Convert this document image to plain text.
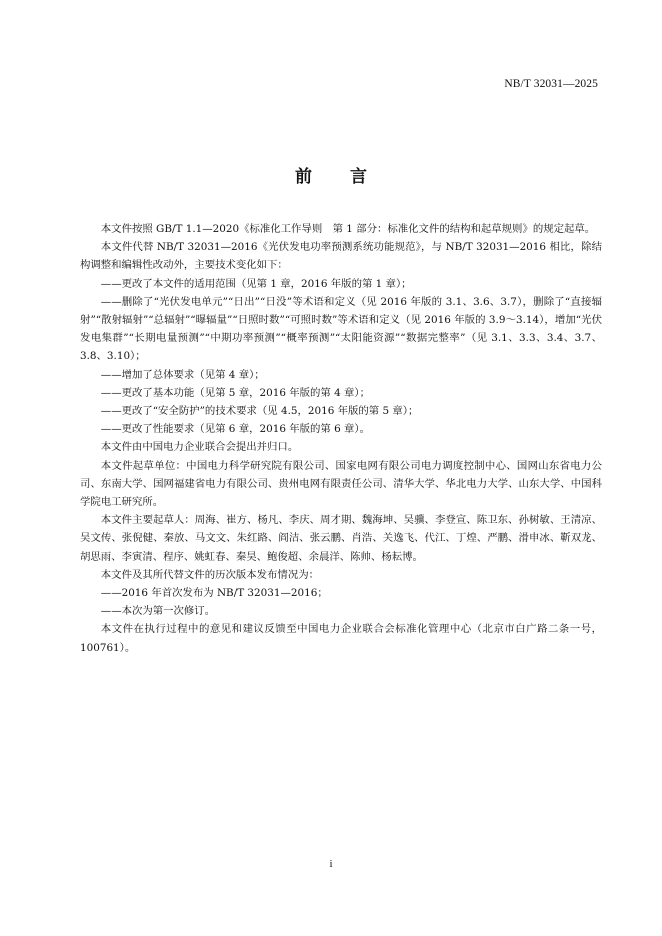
NB/T 32031—2025
前 言

本文件按照 GB/T 1.1—2020《标准化工作导则　第 1 部分：标准化文件的结构和起草规则》的规定起草。

本文件代替 NB/T 32031—2016《光伏发电功率预测系统功能规范》，与 NB/T 32031—2016 相比，除结构调整和编辑性改动外，主要技术变化如下：

——更改了本文件的适用范围（见第 1 章，2016 年版的第 1 章）；

——删除了“光伏发电单元”“日出”“日没”等术语和定义（见 2016 年版的 3.1、3.6、3.7），删除了“直接辐射”“散射辐射”“总辐射”“曝辐量”“日照时数”“可照时数”等术语和定义（见 2016 年版的 3.9～3.14），增加“光伏发电集群”“长期电量预测”“中期功率预测”“概率预测”“太阳能资源”“数据完整率”（见 3.1、3.3、3.4、3.7、3.8、3.10）；

——增加了总体要求（见第 4 章）；

——更改了基本功能（见第 5 章，2016 年版的第 4 章）；

——更改了“安全防护”的技术要求（见 4.5，2016 年版的第 5 章）；

——更改了性能要求（见第 6 章，2016 年版的第 6 章）。

本文件由中国电力企业联合会提出并归口。

本文件起草单位：中国电力科学研究院有限公司、国家电网有限公司电力调度控制中心、国网山东省电力公司、东南大学、国网福建省电力有限公司、贵州电网有限责任公司、清华大学、华北电力大学、山东大学、中国科学院电工研究所。

本文件主要起草人：周海、崔方、杨凡、李庆、周才期、魏海坤、吴骥、李登宣、陈卫东、孙树敏、王清凉、吴文传、张倪健、秦放、马文文、朱红路、阎洁、张云鹏、肖浩、关逸飞、代江、丁煌、严鹏、滑申冰、靳双龙、胡思雨、李寅清、程序、姚虹春、秦昊、鲍俊超、余晨洋、陈帅、杨耘博。

本文件及其所代替文件的历次版本发布情况为：

——2016 年首次发布为 NB/T 32031—2016；

——本次为第一次修订。

本文件在执行过程中的意见和建议反馈至中国电力企业联合会标准化管理中心（北京市白广路二条一号，100761）。

i
